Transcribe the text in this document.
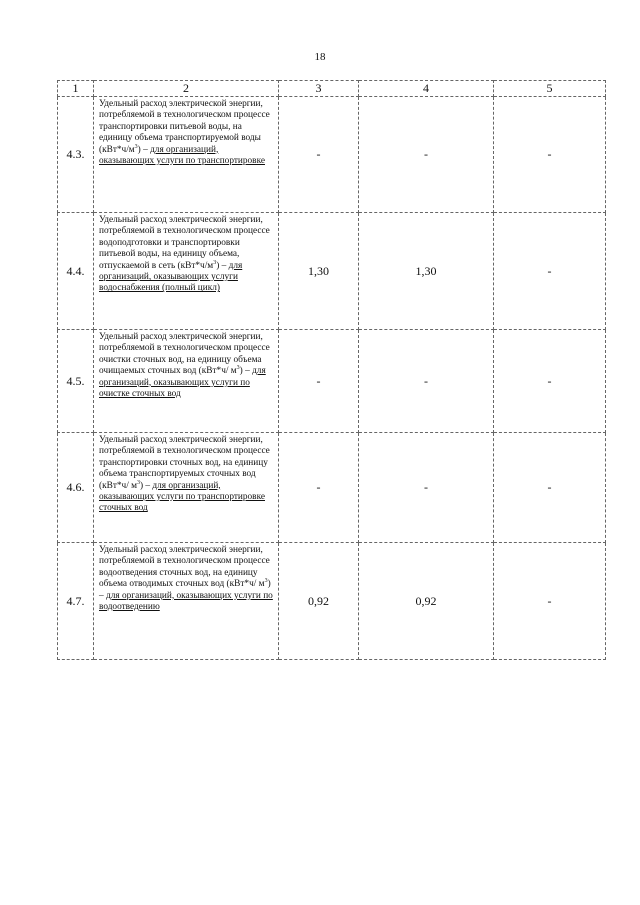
18
1	2	3	4	5
4.3.	Удельный расход электрической энергии, потребляемой в технологическом процессе транспортировки питьевой воды, на единицу объема транспортируемой воды $(кВт*ч/м^3)$ – для организаций, оказывающих услуги по транспортировке	-	-	-
4.4.	Удельный расход электрической энергии, потребляемой в технологическом процессе водоподготовки и транспортировки питьевой воды, на единицу объема, отпускаемой в сеть $(кВт*ч/м^3)$ – для организаций, оказывающих услуги водоснабжения (полный цикл)	1,30	1,30	-
4.5.	Удельный расход электрической энергии, потребляемой в технологическом процессе очистки сточных вод, на единицу объема очищаемых сточных вод (кВт*ч/ $м^3$) – для организаций, оказывающих услуги по очистке сточных вод	-	-	-
4.6.	Удельный расход электрической энергии, потребляемой в технологическом процессе транспортировки сточных вод, на единицу объема транспортируемых сточных вод (кВт*ч/ $м^3$) – для организаций, оказывающих услуги по транспортировке сточных вод	-	-	-
4.7.	Удельный расход электрической энергии, потребляемой в технологическом процессе водоотведения сточных вод, на единицу объема отводимых сточных вод (кВт*ч/ $м^3$) – для организаций, оказывающих услуги по водоотведению	0,92	0,92	-
